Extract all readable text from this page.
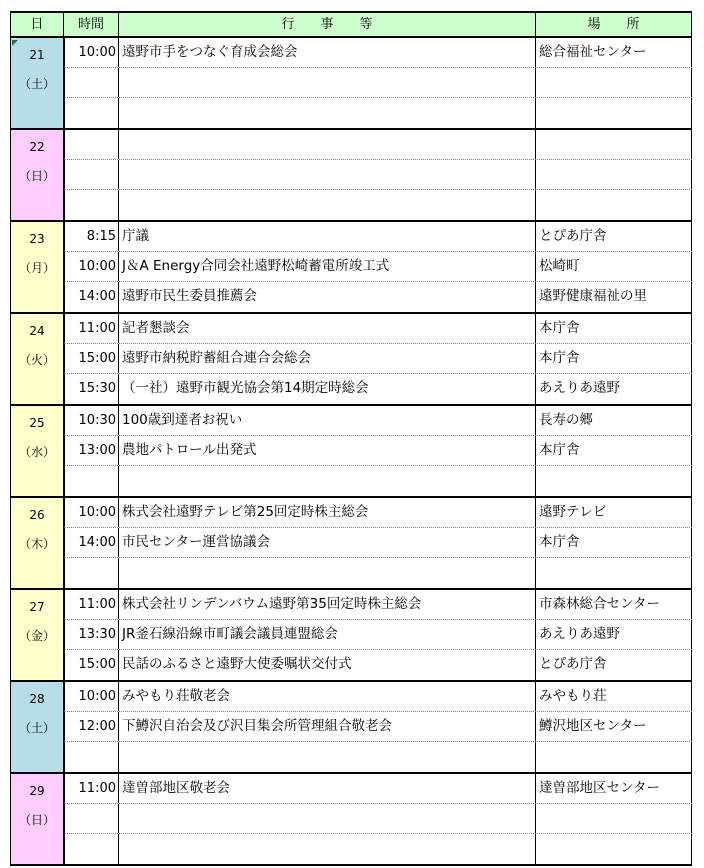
日	時間	行　　事　　等	場　　所
21
（土）
10:00 遠野市手をつなぐ育成会総会	総合福祉センター
22
（日）
23
（月）
8:15 庁議	とぴあ庁舎
10:00 J＆A Energy合同会社遠野松崎蓄電所竣工式	松崎町
14:00 遠野市民生委員推薦会	遠野健康福祉の里
24
（火）
11:00 記者懇談会	本庁舎
15:00 遠野市納税貯蓄組合連合会総会	本庁舎
15:30 （一社）遠野市観光協会第14期定時総会	あえりあ遠野
25
（水）
10:30 100歳到達者お祝い	長寿の郷
13:00 農地パトロール出発式	本庁舎
26
（木）
10:00 株式会社遠野テレビ第25回定時株主総会	遠野テレビ
14:00 市民センター運営協議会	本庁舎
27
（金）
11:00 株式会社リンデンバウム遠野第35回定時株主総会	市森林総合センター
13:30 JR釜石線沿線市町議会議員連盟総会	あえりあ遠野
15:00 民話のふるさと遠野大使委嘱状交付式	とぴあ庁舎
28
（土）
10:00 みやもり荘敬老会	みやもり荘
12:00 下鱒沢自治会及び沢目集会所管理組合敬老会	鱒沢地区センター
29
（日）
11:00 達曽部地区敬老会	達曽部地区センター
